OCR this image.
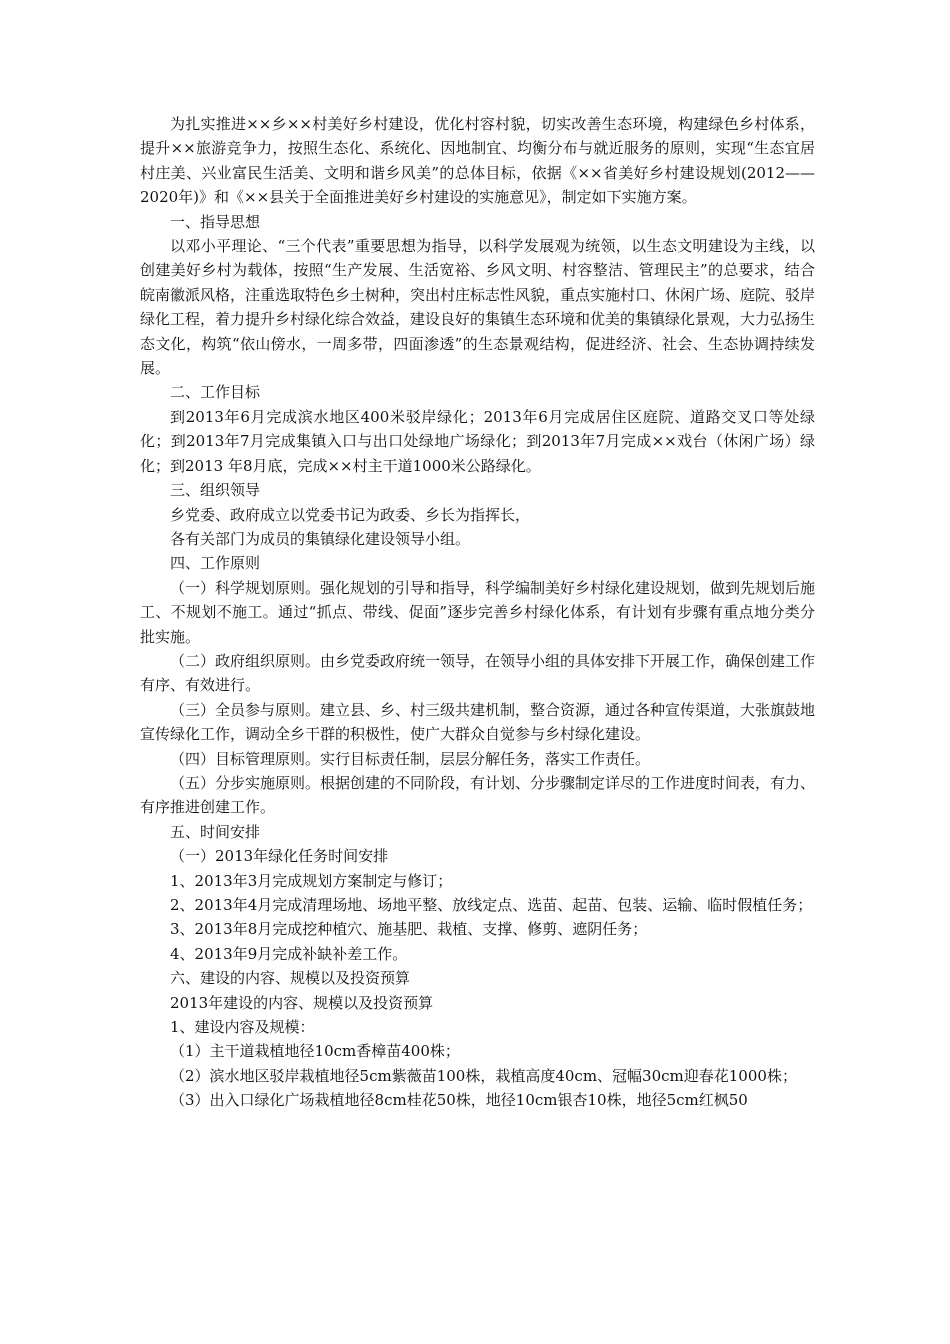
为扎实推进××乡××村美好乡村建设，优化村容村貌，切实改善生态环境，构建绿色乡村体系，提升××旅游竞争力，按照生态化、系统化、因地制宜、均衡分布与就近服务的原则，实现“生态宜居村庄美、兴业富民生活美、文明和谐乡风美”的总体目标，依据《××省美好乡村建设规划(2012——2020年)》和《××县关于全面推进美好乡村建设的实施意见》，制定如下实施方案。

一、指导思想

以邓小平理论、“三个代表”重要思想为指导，以科学发展观为统领，以生态文明建设为主线，以创建美好乡村为载体，按照“生产发展、生活宽裕、乡风文明、村容整洁、管理民主”的总要求，结合皖南徽派风格，注重选取特色乡土树种，突出村庄标志性风貌，重点实施村口、休闲广场、庭院、驳岸绿化工程，着力提升乡村绿化综合效益，建设良好的集镇生态环境和优美的集镇绿化景观，大力弘扬生态文化，构筑“依山傍水，一周多带，四面渗透”的生态景观结构，促进经济、社会、生态协调持续发展。

二、工作目标

到2013年6月完成滨水地区400米驳岸绿化；2013年6月完成居住区庭院、道路交叉口等处绿化；到2013年7月完成集镇入口与出口处绿地广场绿化；到2013年7月完成××戏台（休闲广场）绿化；到2013 年8月底，完成××村主干道1000米公路绿化。

三、组织领导

乡党委、政府成立以党委书记为政委、乡长为指挥长，

各有关部门为成员的集镇绿化建设领导小组。

四、工作原则

（一）科学规划原则。强化规划的引导和指导，科学编制美好乡村绿化建设规划，做到先规划后施工、不规划不施工。通过“抓点、带线、促面”逐步完善乡村绿化体系，有计划有步骤有重点地分类分批实施。

（二）政府组织原则。由乡党委政府统一领导，在领导小组的具体安排下开展工作，确保创建工作有序、有效进行。

（三）全员参与原则。建立县、乡、村三级共建机制，整合资源，通过各种宣传渠道，大张旗鼓地宣传绿化工作，调动全乡干群的积极性，使广大群众自觉参与乡村绿化建设。

（四）目标管理原则。实行目标责任制，层层分解任务，落实工作责任。

（五）分步实施原则。根据创建的不同阶段，有计划、分步骤制定详尽的工作进度时间表，有力、有序推进创建工作。

五、时间安排

（一）2013年绿化任务时间安排

1、2013年3月完成规划方案制定与修订；

2、2013年4月完成清理场地、场地平整、放线定点、选苗、起苗、包装、运输、临时假植任务；

3、2013年8月完成挖种植穴、施基肥、栽植、支撑、修剪、遮阴任务；

4、2013年9月完成补缺补差工作。

六、建设的内容、规模以及投资预算

2013年建设的内容、规模以及投资预算

1、建设内容及规模：

（1）主干道栽植地径10cm香樟苗400株；

（2）滨水地区驳岸栽植地径5cm紫薇苗100株，栽植高度40cm、冠幅30cm迎春花1000株；

（3）出入口绿化广场栽植地径8cm桂花50株，地径10cm银杏10株，地径5cm红枫50
